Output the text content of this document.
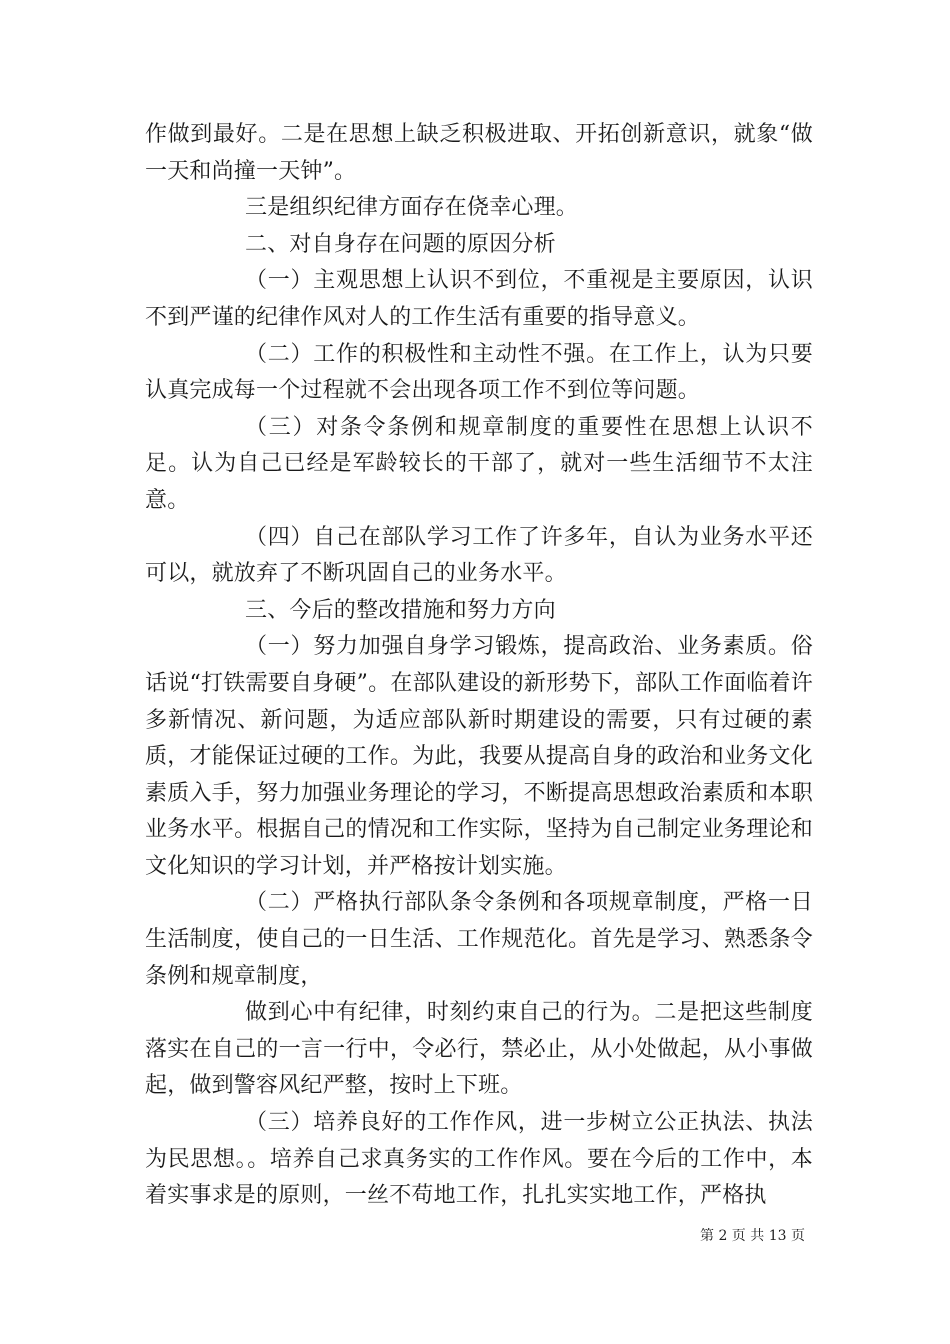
作做到最好。二是在思想上缺乏积极进取、开拓创新意识，就象“做一天和尚撞一天钟”。

三是组织纪律方面存在侥幸心理。

二、对自身存在问题的原因分析

（一）主观思想上认识不到位，不重视是主要原因，认识不到严谨的纪律作风对人的工作生活有重要的指导意义。

（二）工作的积极性和主动性不强。在工作上，认为只要认真完成每一个过程就不会出现各项工作不到位等问题。

（三）对条令条例和规章制度的重要性在思想上认识不足。认为自己已经是军龄较长的干部了，就对一些生活细节不太注意。

（四）自己在部队学习工作了许多年，自认为业务水平还可以，就放弃了不断巩固自己的业务水平。

三、今后的整改措施和努力方向

（一）努力加强自身学习锻炼，提高政治、业务素质。俗话说“打铁需要自身硬”。在部队建设的新形势下，部队工作面临着许多新情况、新问题，为适应部队新时期建设的需要，只有过硬的素质，才能保证过硬的工作。为此，我要从提高自身的政治和业务文化素质入手，努力加强业务理论的学习，不断提高思想政治素质和本职业务水平。根据自己的情况和工作实际，坚持为自己制定业务理论和文化知识的学习计划，并严格按计划实施。

（二）严格执行部队条令条例和各项规章制度，严格一日生活制度，使自己的一日生活、工作规范化。首先是学习、熟悉条令条例和规章制度，

做到心中有纪律，时刻约束自己的行为。二是把这些制度落实在自己的一言一行中，令必行，禁必止，从小处做起，从小事做起，做到警容风纪严整，按时上下班。

（三）培养良好的工作作风，进一步树立公正执法、执法为民思想。。培养自己求真务实的工作作风。要在今后的工作中，本着实事求是的原则，一丝不苟地工作，扎扎实实地工作，严格执

第 2 页 共 13 页
